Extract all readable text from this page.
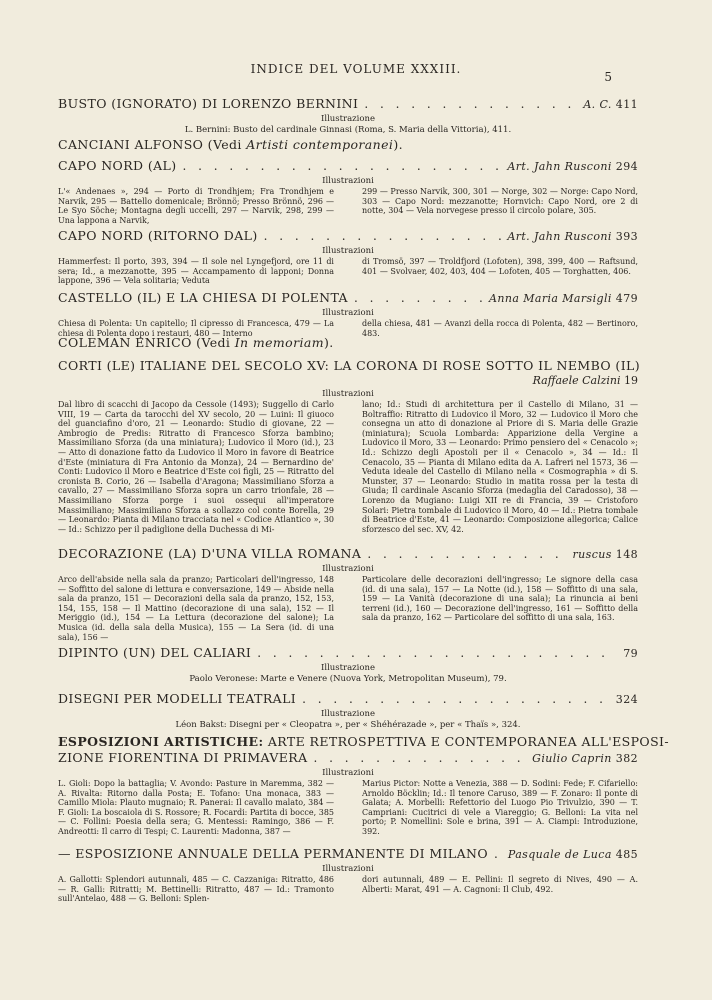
INDICE DEL VOLUME XXXIII.
5
BUSTO (IGNORATO) DI LORENZO BERNINI . . .	A. C. 411
Illustrazione
L. Bernini: Busto del cardinale Ginnasi (Roma, S. Maria della Vittoria), 411.
CANCIANI ALFONSO (Vedi Artisti contemporanei).
CAPO NORD (AL) . . .	Art. Jahn Rusconi 294
Illustrazioni
L'« Andenaes », 294 — Porto di Trondhjem; Fra Trondhjem e Narvik, 295 — Battello domenicale; Brönnö; Presso Brönnö, 296 — Le Syo Söche; Montagna degli uccelli, 297 — Narvik, 298, 299 — Una lappona a Narvik,
299 — Presso Narvik, 300, 301 — Norge, 302 — Norge: Capo Nord, 303 — Capo Nord: mezzanotte; Hornvich: Capo Nord, ore 2 di notte, 304 — Vela norvegese presso il circolo polare, 305.
CAPO NORD (RITORNO DAL) . . .	Art. Jahn Rusconi 393
Illustrazioni
Hammerfest: Il porto, 393, 394 — Il sole nel Lyngefjord, ore 11 di sera; Id., a mezzanotte, 395 — Accampamento di lapponi; Donna lappone, 396 — Vela solitaria; Veduta
di Tromsö, 397 — Troldfjord (Lofoten), 398, 399, 400 — Raftsund, 401 — Svolvaer, 402, 403, 404 — Lofoten, 405 — Torghatten, 406.
CASTELLO (IL) E LA CHIESA DI POLENTA . . .	Anna Maria Marsigli 479
Illustrazioni
Chiesa di Polenta: Un capitello; Il cipresso di Francesca, 479 — La chiesa di Polenta dopo i restauri, 480 — Interno
della chiesa, 481 — Avanzi della rocca di Polenta, 482 — Bertinoro, 483.
COLEMAN ENRICO (Vedi In memoriam).
CORTI (LE) ITALIANE DEL SECOLO XV: LA CORONA DI ROSE SOTTO IL NEMBO (IL)
Raffaele Calzini 19
Illustrazioni
Dal libro di scacchi di Jacopo da Cessole (1493); Suggello di Carlo VIII, 19 — Carta da tarocchi del XV secolo, 20 — Luini: Il giuoco del guanciafino d'oro, 21 — Leonardo: Studio di giovane, 22 — Ambrogio de Predis: Ritratto di Francesco Sforza bambino; Massimiliano Sforza (da una miniatura); Ludovico il Moro (id.), 23 — Atto di donazione fatto da Ludovico il Moro in favore di Beatrice d'Este (miniatura di Fra Antonio da Monza), 24 — Bernardino de' Conti: Ludovico il Moro e Beatrice d'Este coi figli, 25 — Ritratto del cronista B. Corio, 26 — Isabella d'Aragona; Massimiliano Sforza a cavallo, 27 — Massimiliano Sforza sopra un carro trionfale, 28 — Massimiliano Sforza porge i suoi ossequi all'imperatore Massimiliano; Massimiliano Sforza a sollazzo col conte Borella, 29 — Leonardo: Pianta di Milano tracciata nel « Codice Atlantico », 30 — Id.: Schizzo per il padiglione della Duchessa di Mi-
lano; Id.: Studi di architettura per il Castello di Milano, 31 — Boltraffio: Ritratto di Ludovico il Moro, 32 — Ludovico il Moro che consegna un atto di donazione al Priore di S. Maria delle Grazie (miniatura); Scuola Lombarda: Apparizione della Vergine a Ludovico il Moro, 33 — Leonardo: Primo pensiero del « Cenacolo »; Id.: Schizzo degli Apostoli per il « Cenacolo », 34 — Id.: Il Cenacolo, 35 — Pianta di Milano edita da A. Lafreri nel 1573, 36 — Veduta ideale del Castello di Milano nella « Cosmographia » di S. Munster, 37 — Leonardo: Studio in matita rossa per la testa di Giuda; Il cardinale Ascanio Sforza (medaglia del Caradosso), 38 — Lorenzo da Mugiano: Luigi XII re di Francia, 39 — Cristoforo Solari: Pietra tombale di Ludovico il Moro, 40 — Id.: Pietra tombale di Beatrice d'Este, 41 — Leonardo: Composizione allegorica; Calice sforzesco del sec. XV, 42.
DECORAZIONE (LA) D'UNA VILLA ROMANA . . .	ruscus 148
Illustrazioni
Arco dell'abside nella sala da pranzo; Particolari dell'ingresso, 148 — Soffitto del salone di lettura e conversazione, 149 — Abside nella sala da pranzo, 151 — Decorazioni della sala da pranzo, 152, 153, 154, 155, 158 — Il Mattino (decorazione di una sala), 152 — Il Meriggio (id.), 154 — La Lettura (decorazione del salone); La Musica (id. della sala della Musica), 155 — La Sera (id. di una sala), 156 —
Particolare delle decorazioni dell'ingresso; Le signore della casa (id. di una sala), 157 — La Notte (id.), 158 — Soffitto di una sala, 159 — La Vanità (decorazione di una sala); La rinuncia ai beni terreni (id.), 160 — Decorazione dell'ingresso, 161 — Soffitto della sala da pranzo, 162 — Particolare del soffitto di una sala, 163.
DIPINTO (UN) DEL CALIARI . . .	79
Illustrazione
Paolo Veronese: Marte e Venere (Nuova York, Metropolitan Museum), 79.
DISEGNI PER MODELLI TEATRALI . . .	324
Illustrazione
Léon Bakst: Disegni per « Cleopatra », per « Shéhérazade », per « Thaïs », 324.
ESPOSIZIONI ARTISTICHE: ARTE RETROSPETTIVA E CONTEMPORANEA ALL'ESPOSI-
ZIONE FIORENTINA DI PRIMAVERA . . .	Giulio Caprin 382
Illustrazioni
L. Gioli: Dopo la battaglia; V. Avondo: Pasture in Maremma, 382 — A. Rivalta: Ritorno dalla Posta; E. Tofano: Una monaca, 383 — Camillo Miola: Plauto mugnaio; R. Panerai: Il cavallo malato, 384 — F. Gioli: La boscaiola di S. Rossore; R. Focardi: Partita di bocce, 385 — C. Follini: Poesia della sera; G. Mentessi: Ramingo, 386 — F. Andreotti: Il carro di Tespi; C. Laurenti: Madonna, 387 —
Marius Pictor: Notte a Venezia, 388 — D. Sodini: Fede; F. Cifariello: Arnoldo Böcklin; Id.: Il tenore Caruso, 389 — F. Zonaro: Il ponte di Galata; A. Morbelli: Refettorio del Luogo Pio Trivulzio, 390 — T. Campriani: Cucitrici di vele a Viareggio; G. Belloni: La vita nel porto; P. Nomellini: Sole e brina, 391 — A. Ciampi: Introduzione, 392.
— ESPOSIZIONE ANNUALE DELLA PERMANENTE DI MILANO . . . Pasquale de Luca 485
Illustrazioni
A. Gallotti: Splendori autunnali, 485 — C. Cazzaniga: Ritratto, 486 — R. Galli: Ritratti; M. Bettinelli: Ritratto, 487 — Id.: Tramonto sull'Antelao, 488 — G. Belloni: Splen-
dori autunnali, 489 — E. Pellini: Il segreto di Nives, 490 — A. Alberti: Marat, 491 — A. Cagnoni: Il Club, 492.
